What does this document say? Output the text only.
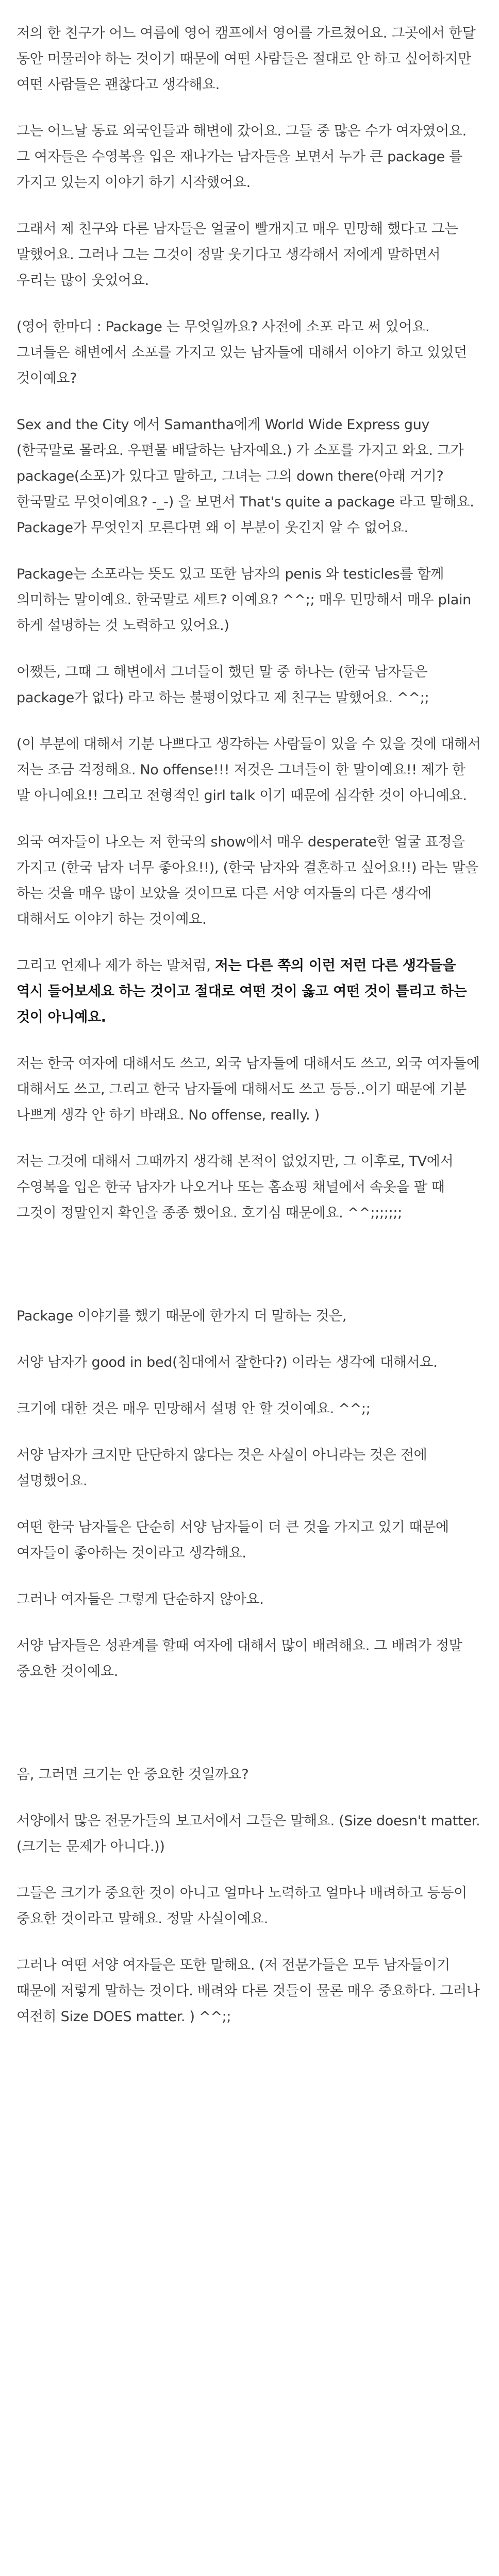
저의 한 친구가 어느 여름에 영어 캠프에서 영어를 가르쳤어요. 그곳에서 한달 동안 머물러야 하는 것이기 때문에 여떤 사람들은 절대로 안 하고 싶어하지만 여떤 사람들은 괜찮다고 생각해요.

그는 어느날 동료 외국인들과 해변에 갔어요. 그들 중 많은 수가 여자였어요. 그 여자들은 수영복을 입은 재나가는 남자들을 보면서 누가 큰 package 를 가지고 있는지 이야기 하기 시작했어요.

그래서 제 친구와 다른 남자들은 얼굴이 빨개지고 매우 민망해 했다고 그는 말했어요. 그러나 그는 그것이 정말 웃기다고 생각해서 저에게 말하면서 우리는 많이 웃었어요.

(영어 한마디 : Package 는 무엇일까요? 사전에 소포 라고 써 있어요. 그녀들은 해변에서 소포를 가지고 있는 남자들에 대해서 이야기 하고 있었던 것이예요?

Sex and the City 에서 Samantha에게 World Wide Express guy (한국말로 몰라요. 우편물 배달하는 남자예요.) 가 소포를 가지고 와요. 그가 package(소포)가 있다고 말하고, 그녀는 그의 down there(아래 거기? 한국말로 무엇이예요? -_-) 을 보면서 That's quite a package 라고 말해요. Package가 무엇인지 모른다면 왜 이 부분이 웃긴지 알 수 없어요.

Package는 소포라는 뜻도 있고 또한 남자의 penis 와 testicles를 함께 의미하는 말이예요. 한국말로 세트? 이예요? ^^;; 매우 민망해서 매우 plain 하게 설명하는 것 노력하고 있어요.)

어쨌든, 그때 그 해변에서 그녀들이 했던 말 중 하나는 (한국 남자들은 package가 없다) 라고 하는 불평이었다고 제 친구는 말했어요. ^^;;

(이 부분에 대해서 기분 나쁘다고 생각하는 사람들이 있을 수 있을 것에 대해서 저는 조금 걱정해요. No offense!!! 저것은 그녀들이 한 말이예요!! 제가 한 말 아니예요!! 그리고 전형적인 girl talk 이기 때문에 심각한 것이 아니예요.

외국 여자들이 나오는 저 한국의 show에서 매우 desperate한 얼굴 표정을 가지고 (한국 남자 너무 좋아요!!), (한국 남자와 결혼하고 싶어요!!) 라는 말을 하는 것을 매우 많이 보았을 것이므로 다른 서양 여자들의 다른 생각에 대해서도 이야기 하는 것이예요.

그리고 언제나 제가 하는 말처럼, 저는 다른 쪽의 이런 저런 다른 생각들을 역시 들어보세요 하는 것이고 절대로 여떤 것이 옳고 여떤 것이 틀리고 하는 것이 아니예요.

저는 한국 여자에 대해서도 쓰고, 외국 남자들에 대해서도 쓰고, 외국 여자들에 대해서도 쓰고, 그리고 한국 남자들에 대해서도 쓰고 등등..이기 때문에 기분 나쁘게 생각 안 하기 바래요. No offense, really. )

저는 그것에 대해서 그때까지 생각해 본적이 없었지만, 그 이후로, TV에서 수영복을 입은 한국 남자가 나오거나 또는 홈쇼핑 채널에서 속옷을 팔 때 그것이 정말인지 확인을 종종 했어요. 호기심 때문에요. ^^;;;;;;;

Package 이야기를 했기 때문에 한가지 더 말하는 것은,

서양 남자가 good in bed(침대에서 잘한다?) 이라는 생각에 대해서요.

크기에 대한 것은 매우 민망해서 설명 안 할 것이예요. ^^;;

서양 남자가 크지만 단단하지 않다는 것은 사실이 아니라는 것은 전에 설명했어요.

여떤 한국 남자들은 단순히 서양 남자들이 더 큰 것을 가지고 있기 때문에 여자들이 좋아하는 것이라고 생각해요.

그러나 여자들은 그렇게 단순하지 않아요.

서양 남자들은 성관계를 할때 여자에 대해서 많이 배려해요. 그 배려가 정말 중요한 것이예요.

음, 그러면 크기는 안 중요한 것일까요?

서양에서 많은 전문가들의 보고서에서 그들은 말해요. (Size doesn't matter. (크기는 문제가 아니다.))

그들은 크기가 중요한 것이 아니고 얼마나 노력하고 얼마나 배려하고 등등이 중요한 것이라고 말해요. 정말 사실이예요.

그러나 여떤 서양 여자들은 또한 말해요. (저 전문가들은 모두 남자들이기 때문에 저렇게 말하는 것이다. 배려와 다른 것들이 물론 매우 중요하다. 그러나 여전히 Size DOES matter. ) ^^;;
